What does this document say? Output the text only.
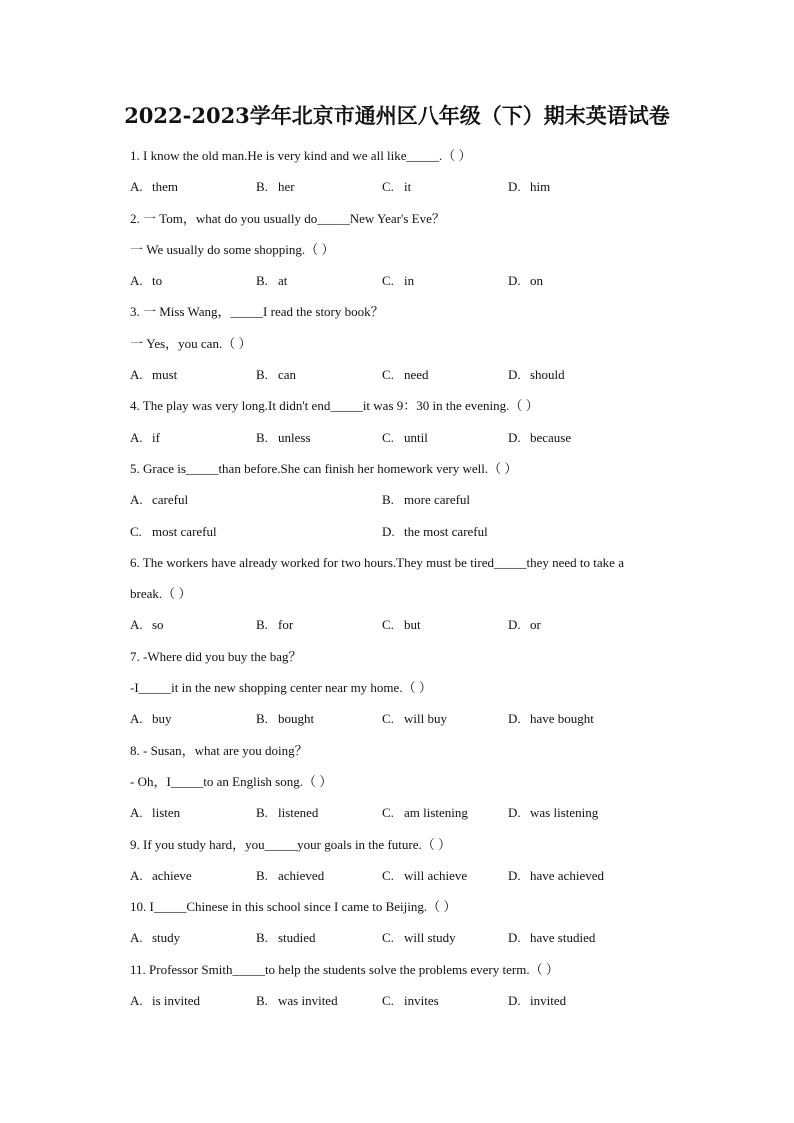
2022-2023学年北京市通州区八年级（下）期末英语试卷
1. I know the old man.He is very kind and we all like_____.（ ）
A. them	B. her	C. it	D. him
2. 一 Tom，what do you usually do_____New Year's Eve？
一 We usually do some shopping.（ ）
A. to	B. at	C. in	D. on
3. 一 Miss Wang，_____I read the story book？
一 Yes，you can.（ ）
A. must	B. can	C. need	D. should
4. The play was very long.It didn't end_____it was 9：30 in the evening.（ ）
A. if	B. unless	C. until	D. because
5. Grace is_____than before.She can finish her homework very well.（ ）
A. careful	B. more careful
C. most careful	D. the most careful
6. The workers have already worked for two hours.They must be tired_____they need to take a
break.（ ）
A. so	B. for	C. but	D. or
7. -Where did you buy the bag？
-I_____it in the new shopping center near my home.（ ）
A. buy	B. bought	C. will buy	D. have bought
8. - Susan，what are you doing？
- Oh，I_____to an English song.（ ）
A. listen	B. listened	C. am listening	D. was listening
9. If you study hard，you_____your goals in the future.（ ）
A. achieve	B. achieved	C. will achieve	D. have achieved
10. I_____Chinese in this school since I came to Beijing.（ ）
A. study	B. studied	C. will study	D. have studied
11. Professor Smith_____to help the students solve the problems every term.（ ）
A. is invited	B. was invited	C. invites	D. invited
